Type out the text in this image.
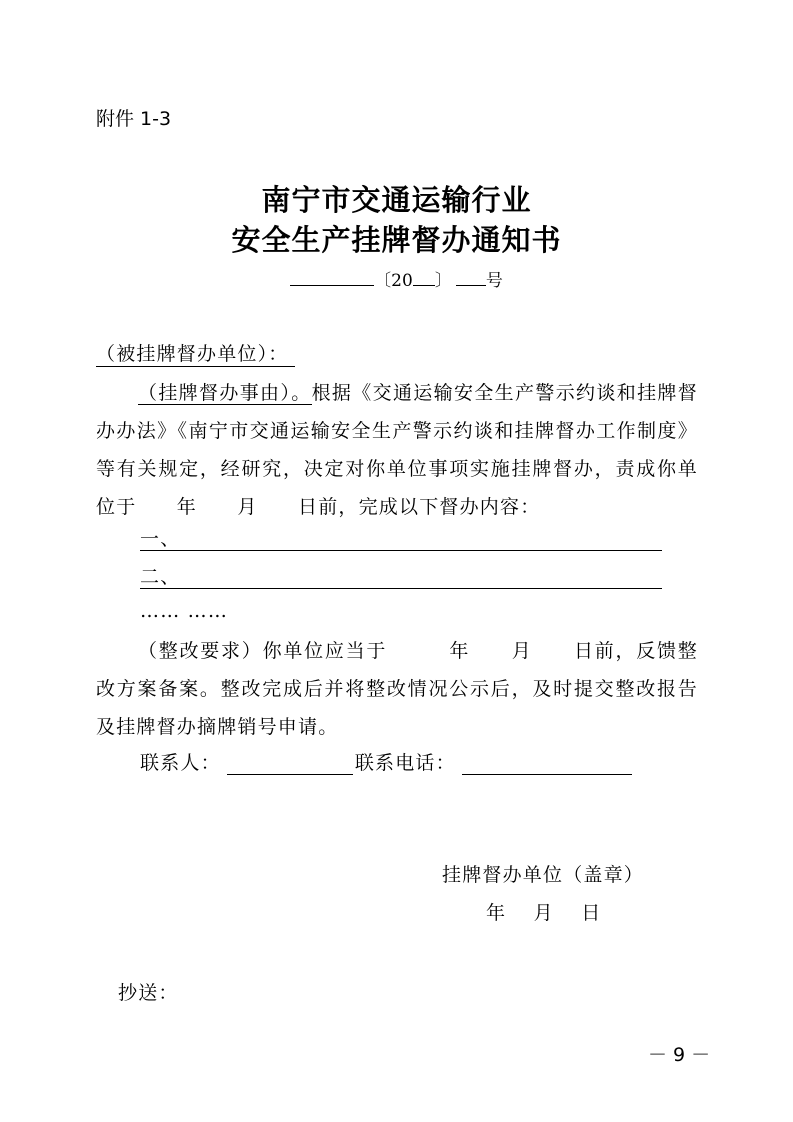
附件 1-3
南宁市交通运输行业
安全生产挂牌督办通知书
〔20 〕 号
（被挂牌督办单位）：

（挂牌督办事由）。根据《交通运输安全生产警示约谈和挂牌督办办法》《南宁市交通运输安全生产警示约谈和挂牌督办工作制度》等有关规定，经研究，决定对你单位事项实施挂牌督办，责成你单位于　　年　　月　　日前，完成以下督办内容：

一、
二、
…… ……

（整改要求）你单位应当于　　　年　　月　　日前，反馈整改方案备案。整改完成后并将整改情况公示后，及时提交整改报告及挂牌督办摘牌销号申请。

联系人：	联系电话：
挂牌督办单位（盖章）
年　 月　 日
抄送：
－ 9 －
